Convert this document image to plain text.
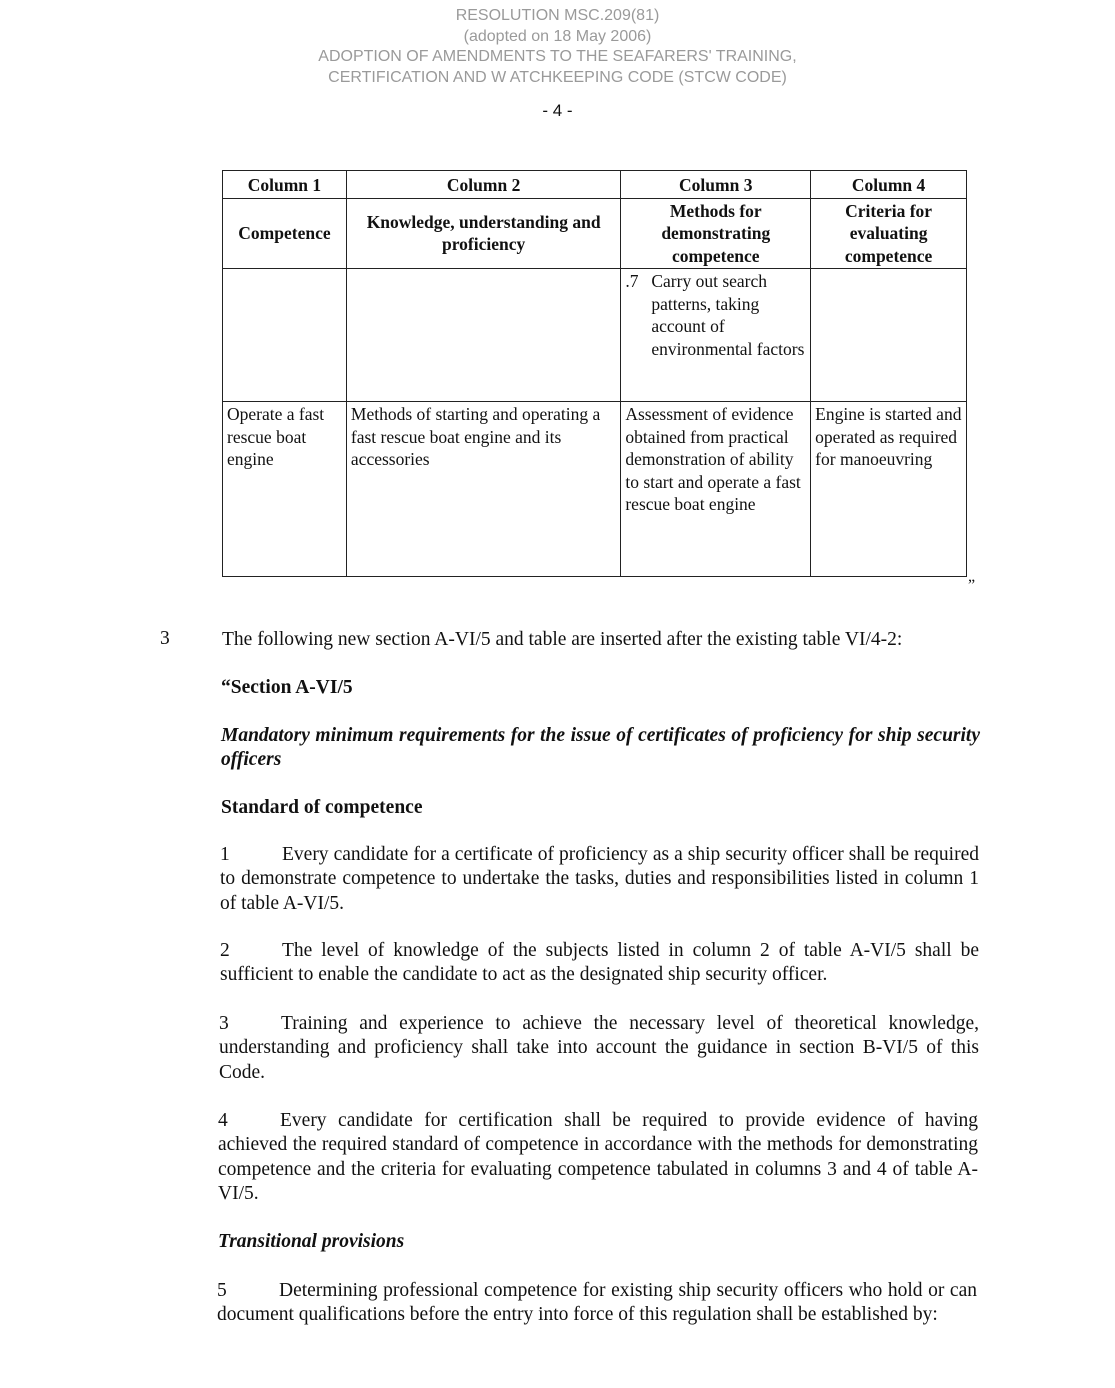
RESOLUTION MSC.209(81)
(adopted on 18 May 2006)
ADOPTION OF AMENDMENTS TO THE SEAFARERS' TRAINING,
CERTIFICATION AND W ATCHKEEPING CODE (STCW CODE)
- 4 -
Column 1	Column 2	Column 3	Column 4
Competence	Knowledge, understanding and proficiency	Methods for demonstrating competence	Criteria for evaluating competence

		.7 Carry out search patterns, taking account of environmental factors	

Operate a fast rescue boat engine	Methods of starting and operating a fast rescue boat engine and its accessories	Assessment of evidence obtained from practical demonstration of ability to start and operate a fast rescue boat engine	Engine is started and operated as required for manoeuvring
”
3	The following new section A-VI/5 and table are inserted after the existing table VI/4-2:
“Section A-VI/5
Mandatory minimum requirements for the issue of certificates of proficiency for ship security officers
Standard of competence
1	Every candidate for a certificate of proficiency as a ship security officer shall be required to demonstrate competence to undertake the tasks, duties and responsibilities listed in column 1 of table A-VI/5.
2	The level of knowledge of the subjects listed in column 2 of table A-VI/5 shall be sufficient to enable the candidate to act as the designated ship security officer.
3	Training and experience to achieve the necessary level of theoretical knowledge, understanding and proficiency shall take into account the guidance in section B-VI/5 of this Code.
4	Every candidate for certification shall be required to provide evidence of having achieved the required standard of competence in accordance with the methods for demonstrating competence and the criteria for evaluating competence tabulated in columns 3 and 4 of table A-VI/5.
Transitional provisions
5	Determining professional competence for existing ship security officers who hold or can document qualifications before the entry into force of this regulation shall be established by:
